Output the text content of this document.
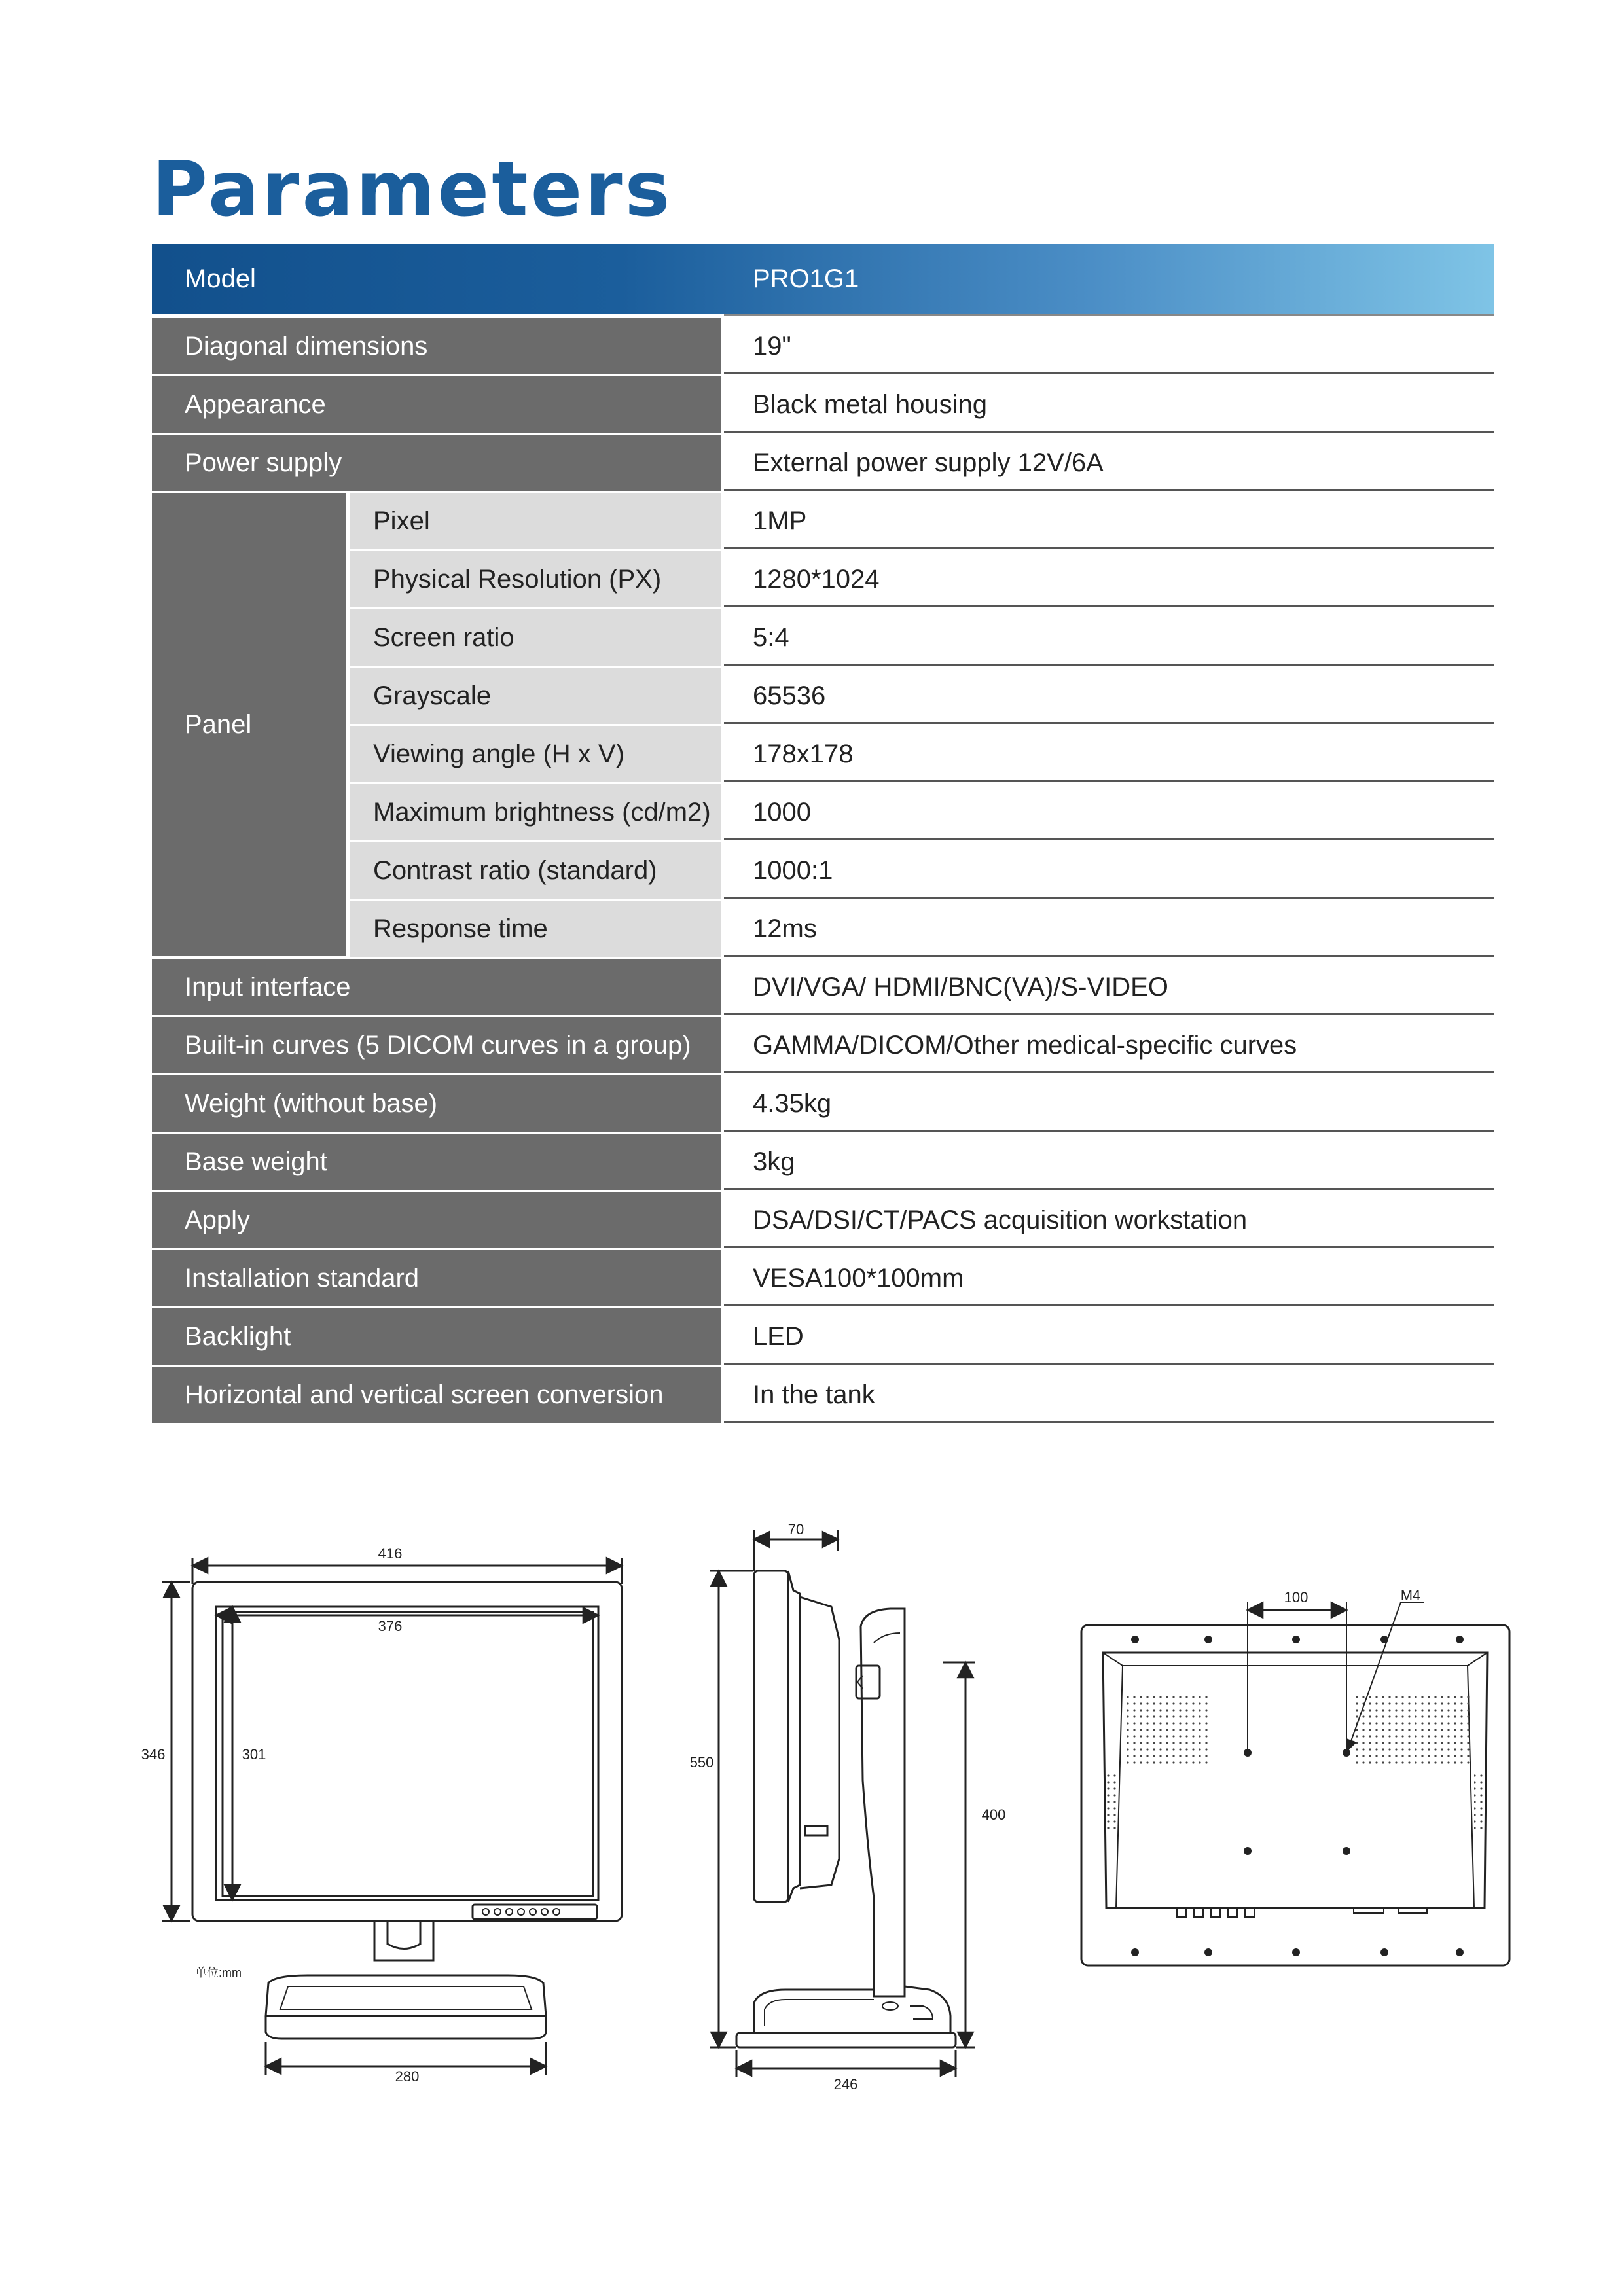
Parameters
Model	PRO1G1
Diagonal dimensions	19"
Appearance	Black metal housing
Power supply	External power supply 12V/6A
Panel
Pixel	1MP
Physical Resolution (PX)	1280*1024
Screen ratio	5:4
Grayscale	65536
Viewing angle (H x V)	178x178
Maximum brightness (cd/m2)	1000
Contrast ratio (standard)	1000:1
Response time	12ms
Input interface	DVI/VGA/ HDMI/BNC(VA)/S-VIDEO
Built-in curves (5 DICOM curves in a group)	GAMMA/DICOM/Other medical-specific curves
Weight (without base)	4.35kg
Base weight	3kg
Apply	DSA/DSI/CT/PACS acquisition workstation
Installation standard	VESA100*100mm
Backlight	LED
Horizontal and vertical screen conversion	In the tank
416
376
346	301
280
单位:mm
70
550
400
246
100	M4
